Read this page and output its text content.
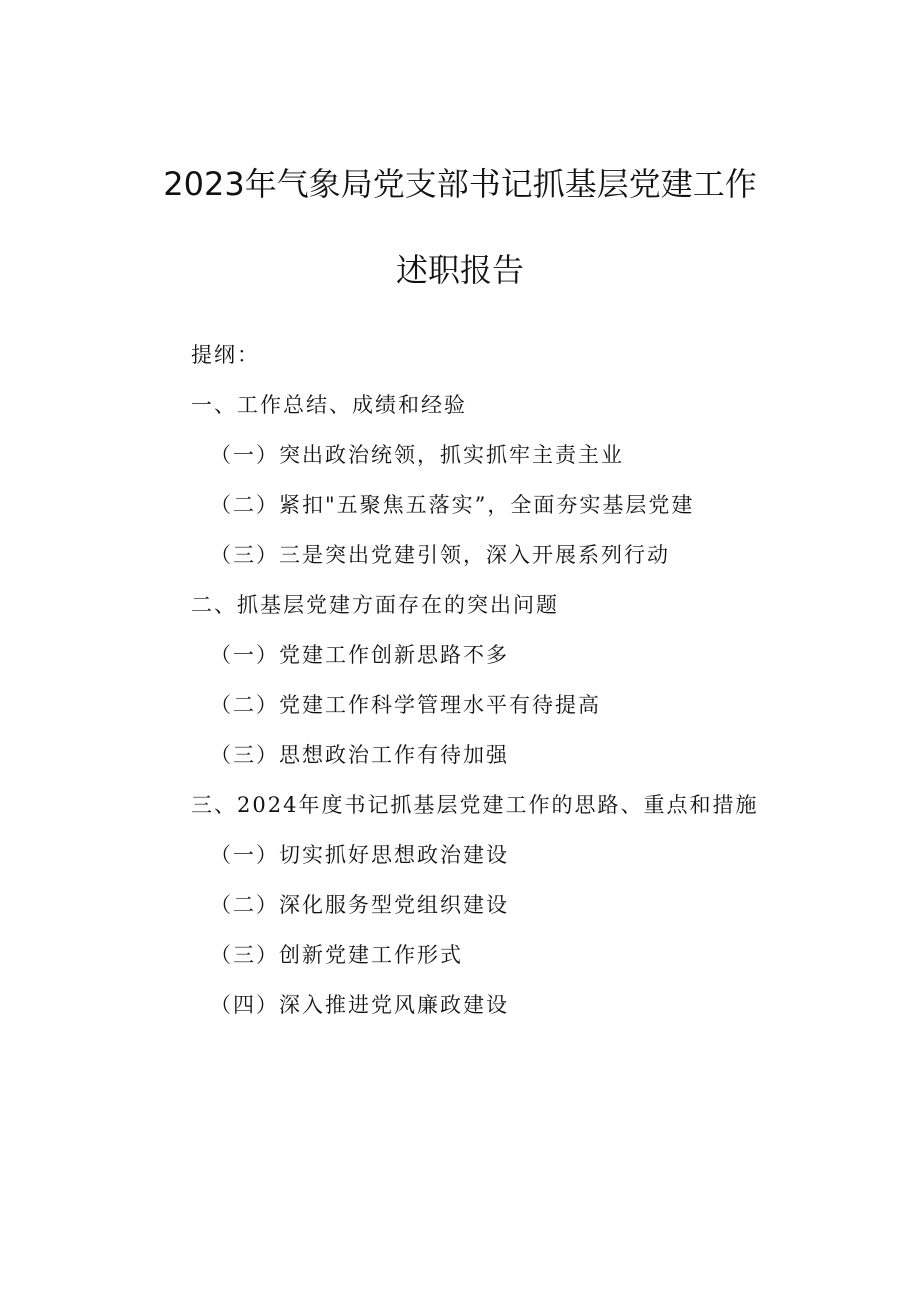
2023年气象局党支部书记抓基层党建工作
述职报告
提纲：
一、工作总结、成绩和经验
（一）突出政治统领，抓实抓牢主责主业
（二）紧扣"五聚焦五落实”，全面夯实基层党建
（三）三是突出党建引领，深入开展系列行动
二、抓基层党建方面存在的突出问题
（一）党建工作创新思路不多
（二）党建工作科学管理水平有待提高
（三）思想政治工作有待加强
三、2024年度书记抓基层党建工作的思路、重点和措施
（一）切实抓好思想政治建设
（二）深化服务型党组织建设
（三）创新党建工作形式
（四）深入推进党风廉政建设
